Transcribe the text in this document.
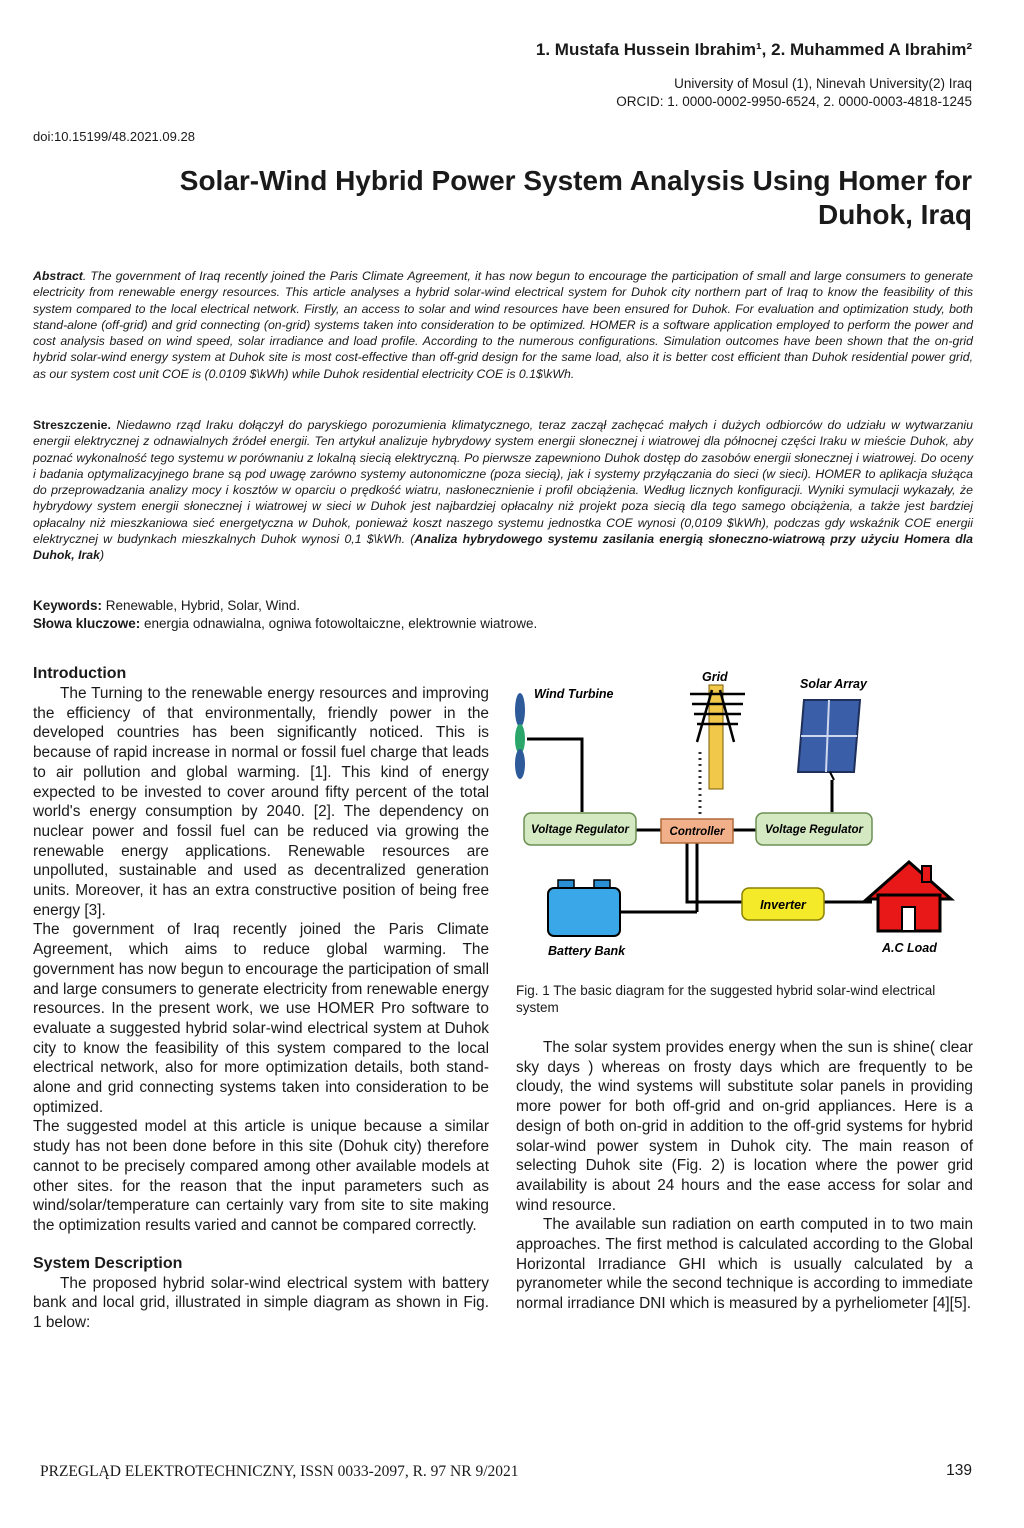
1. Mustafa Hussein Ibrahim¹, 2. Muhammed A Ibrahim²
University of Mosul (1), Ninevah University(2) Iraq
ORCID: 1. 0000-0002-9950-6524, 2. 0000-0003-4818-1245
doi:10.15199/48.2021.09.28
Solar-Wind Hybrid Power System Analysis Using Homer for
Duhok, Iraq
Abstract. The government of Iraq recently joined the Paris Climate Agreement, it has now begun to encourage the participation of small and large consumers to generate electricity from renewable energy resources. This article analyses a hybrid solar-wind electrical system for Duhok city northern part of Iraq to know the feasibility of this system compared to the local electrical network. Firstly, an access to solar and wind resources have been ensured for Duhok. For evaluation and optimization study, both stand-alone (off-grid) and grid connecting (on-grid) systems taken into consideration to be optimized. HOMER is a software application employed to perform the power and cost analysis based on wind speed, solar irradiance and load profile. According to the numerous configurations. Simulation outcomes have been shown that the on-grid hybrid solar-wind energy system at Duhok site is most cost-effective than off-grid design for the same load, also it is better cost efficient than Duhok residential power grid, as our system cost unit COE is (0.0109 $\kWh) while Duhok residential electricity COE is 0.1$\kWh.
Streszczenie. Niedawno rząd Iraku dołączył do paryskiego porozumienia klimatycznego, teraz zaczął zachęcać małych i dużych odbiorców do udziału w wytwarzaniu energii elektrycznej z odnawialnych źródeł energii. Ten artykuł analizuje hybrydowy system energii słonecznej i wiatrowej dla północnej części Iraku w mieście Duhok, aby poznać wykonalność tego systemu w porównaniu z lokalną siecią elektryczną. Po pierwsze zapewniono Duhok dostęp do zasobów energii słonecznej i wiatrowej. Do oceny i badania optymalizacyjnego brane są pod uwagę zarówno systemy autonomiczne (poza siecią), jak i systemy przyłączania do sieci (w sieci). HOMER to aplikacja służąca do przeprowadzania analizy mocy i kosztów w oparciu o prędkość wiatru, nasłonecznienie i profil obciążenia. Według licznych konfiguracji. Wyniki symulacji wykazały, że hybrydowy system energii słonecznej i wiatrowej w sieci w Duhok jest najbardziej opłacalny niż projekt poza siecią dla tego samego obciążenia, a także jest bardziej opłacalny niż mieszkaniowa sieć energetyczna w Duhok, ponieważ koszt naszego systemu jednostka COE wynosi (0,0109 $\kWh), podczas gdy wskaźnik COE energii elektrycznej w budynkach mieszkalnych Duhok wynosi 0,1 $\kWh. (Analiza hybrydowego systemu zasilania energią słoneczno-wiatrową przy użyciu Homera dla Duhok, Irak)
Keywords: Renewable, Hybrid, Solar, Wind.
Słowa kluczowe: energia odnawialna, ogniwa fotowoltaiczne, elektrownie wiatrowe.
Introduction

The Turning to the renewable energy resources and improving the efficiency of that environmentally, friendly power in the developed countries has been significantly noticed. This is because of rapid increase in normal or fossil fuel charge that leads to air pollution and global warming. [1]. This kind of energy expected to be invested to cover around fifty percent of the total world's energy consumption by 2040. [2]. The dependency on nuclear power and fossil fuel can be reduced via growing the renewable energy applications. Renewable resources are unpolluted, sustainable and used as decentralized generation units. Moreover, it has an extra constructive position of being free energy [3].

The government of Iraq recently joined the Paris Climate Agreement, which aims to reduce global warming. The government has now begun to encourage the participation of small and large consumers to generate electricity from renewable energy resources. In the present work, we use HOMER Pro software to evaluate a suggested hybrid solar-wind electrical system at Duhok city to know the feasibility of this system compared to the local electrical network, also for more optimization details, both stand-alone and grid connecting systems taken into consideration to be optimized.

The suggested model at this article is unique because a similar study has not been done before in this site (Dohuk city) therefore cannot to be precisely compared among other available models at other sites. for the reason that the input parameters such as wind/solar/temperature can certainly vary from site to site making the optimization results varied and cannot be compared correctly.

System Description

The proposed hybrid solar-wind electrical system with battery bank and local grid, illustrated in simple diagram as shown in Fig. 1 below:

Wind Turbine
Grid	Solar Array
Voltage Regulator	Controller	Voltage Regulator
Battery Bank
Inverter
A.C Load
Fig. 1 The basic diagram for the suggested hybrid solar-wind electrical system

The solar system provides energy when the sun is shine( clear sky days ) whereas on frosty days which are frequently to be cloudy, the wind systems will substitute solar panels in providing more power for both off-grid and on-grid appliances. Here is a design of both on-grid in addition to the off-grid systems for hybrid solar-wind power system in Duhok city. The main reason of selecting Duhok site (Fig. 2) is location where the power grid availability is about 24 hours and the ease access for solar and wind resource.

The available sun radiation on earth computed in to two main approaches. The first method is calculated according to the Global Horizontal Irradiance GHI which is usually calculated by a pyranometer while the second technique is according to immediate normal irradiance DNI which is measured by a pyrheliometer [4][5].

PRZEGLĄD ELEKTROTECHNICZNY, ISSN 0033-2097, R. 97 NR 9/2021	139
